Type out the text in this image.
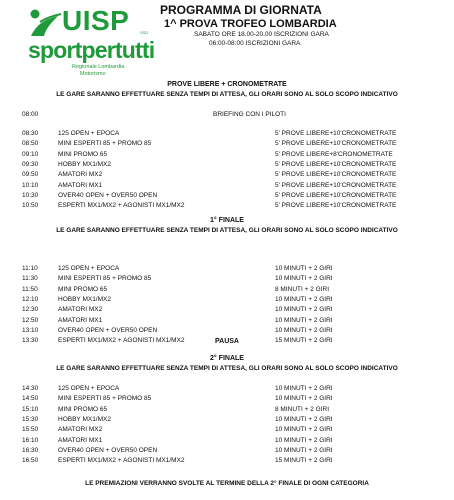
UISP	SSD
sportpertutti
Regionale Lombardia
Motorismo
PROGRAMMA DI GIORNATA
1^ PROVA TROFEO LOMBARDIA
SABATO ORE 18.00-20.00 ISCRIZIONI GARA
06:00-08:00 ISCRIZIONI GARA
PROVE LIBERE + CRONOMETRATE
LE GARE SARANNO EFFETTUARE SENZA TEMPI DI ATTESA, GLI ORARI SONO AL SOLO SCOPO INDICATIVO
08:00	BRIEFING CON I PILOTI
08:30	125 OPEN + EPOCA	5' PROVE LIBERE+10'CRONOMETRATE
08:50	MINI ESPERTI 85 + PROMO 85	5' PROVE LIBERE+10'CRONOMETRATE
09:10	MINI PROMO 65	5' PROVE LIBERE+8'CRONOMETRATE
09:30	HOBBY MX1/MX2	5' PROVE LIBERE+10'CRONOMETRATE
09:50	AMATORI MX2	5' PROVE LIBERE+10'CRONOMETRATE
10:10	AMATORI MX1	5' PROVE LIBERE+10'CRONOMETRATE
10:30	OVER40 OPEN + OVER50 OPEN	5' PROVE LIBERE+10'CRONOMETRATE
10:50	ESPERTI MX1/MX2 + AGONISTI MX1/MX2	5' PROVE LIBERE+10'CRONOMETRATE
1° FINALE
LE GARE SARANNO EFFETTUARE SENZA TEMPI DI ATTESA, GLI ORARI SONO AL SOLO SCOPO INDICATIVO
11:10	125 OPEN + EPOCA	10 MINUTI + 2 GIRI
11:30	MINI ESPERTI 85 + PROMO 85	10 MINUTI + 2 GIRI
11:50	MINI PROMO 65	8 MINUTI + 2 GIRI
12:10	HOBBY MX1/MX2	10 MINUTI + 2 GIRI
12:30	AMATORI MX2	10 MINUTI + 2 GIRI
12:50	AMATORI MX1	10 MINUTI + 2 GIRI
13:10	OVER40 OPEN + OVER50 OPEN	10 MINUTI + 2 GIRI
13:30	ESPERTI MX1/MX2 + AGONISTI MX1/MX2	15 MINUTI + 2 GIRI
PAUSA
2° FINALE
LE GARE SARANNO EFFETTUARE SENZA TEMPI DI ATTESA, GLI ORARI SONO AL SOLO SCOPO INDICATIVO
14:30	125 OPEN + EPOCA	10 MINUTI + 2 GIRI
14:50	MINI ESPERTI 85 + PROMO 85	10 MINUTI + 2 GIRI
15:10	MINI PROMO 65	8 MINUTI + 2 GIRI
15:30	HOBBY MX1/MX2	10 MINUTI + 2 GIRI
15:50	AMATORI MX2	10 MINUTI + 2 GIRI
16:10	AMATORI MX1	10 MINUTI + 2 GIRI
16:30	OVER40 OPEN + OVER50 OPEN	10 MINUTI + 2 GIRI
16:50	ESPERTI MX1/MX2 + AGONISTI MX1/MX2	15 MINUTI + 2 GIRI
LE PREMIAZIONI VERRANNO SVOLTE AL TERMINE DELLA 2° FINALE DI OGNI CATEGORIA
